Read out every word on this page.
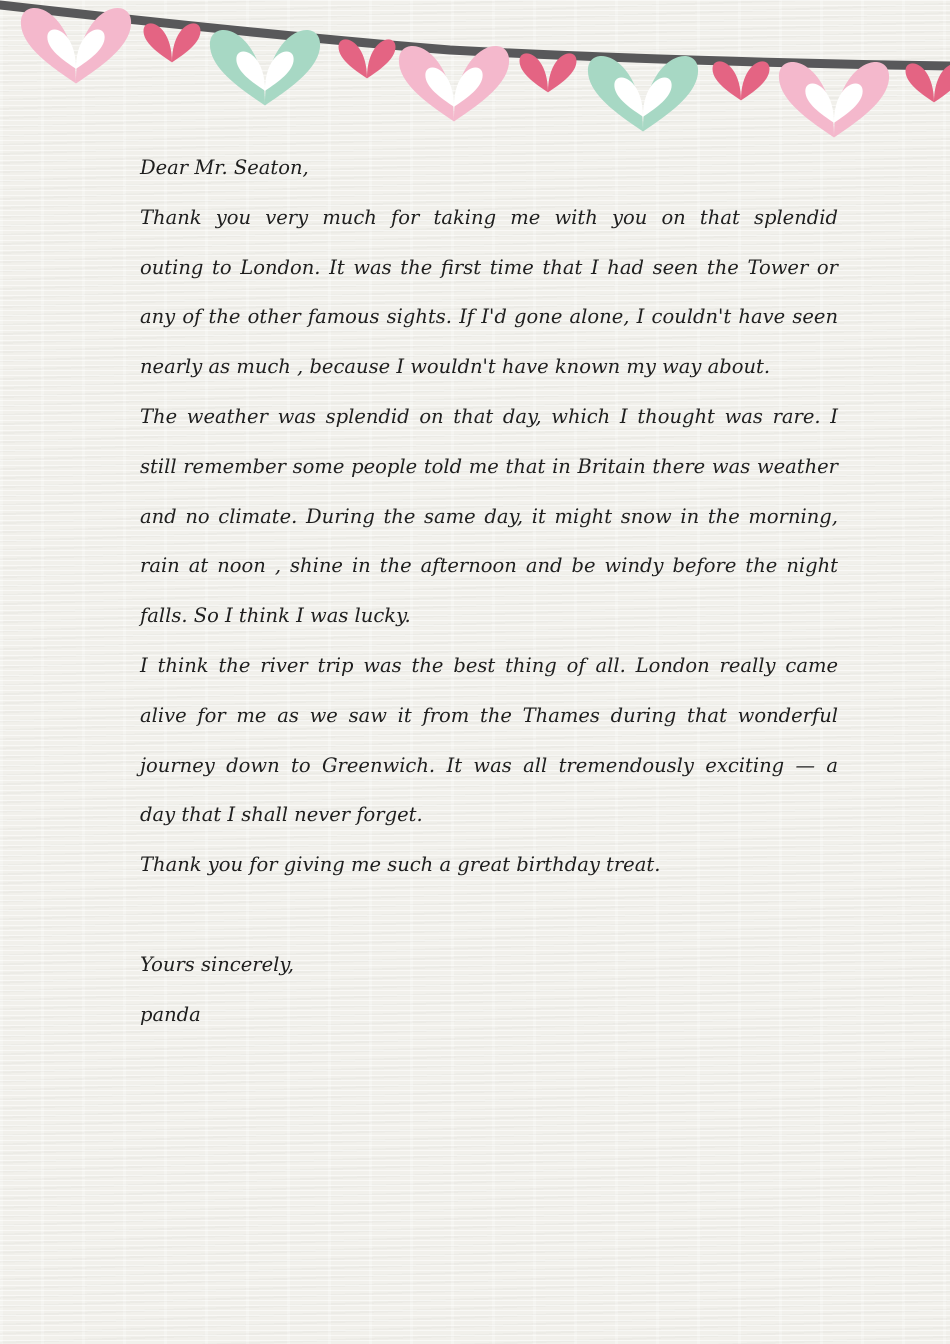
Dear Mr. Seaton,
Thank you very much for taking me with you on that splendid
outing to London. It was the first time that I had seen the Tower or
any of the other famous sights. If I'd gone alone, I couldn't have seen
nearly as much , because I wouldn't have known my way about.
The weather was splendid on that day, which I thought was rare. I
still remember some people told me that in Britain there was weather
and no climate. During the same day, it might snow in the morning,
rain at noon , shine in the afternoon and be windy before the night
falls. So I think I was lucky.
I think the river trip was the best thing of all. London really came
alive for me as we saw it from the Thames during that wonderful
journey down to Greenwich. It was all tremendously exciting — a
day that I shall never forget.
Thank you for giving me such a great birthday treat.
Yours sincerely,
panda
